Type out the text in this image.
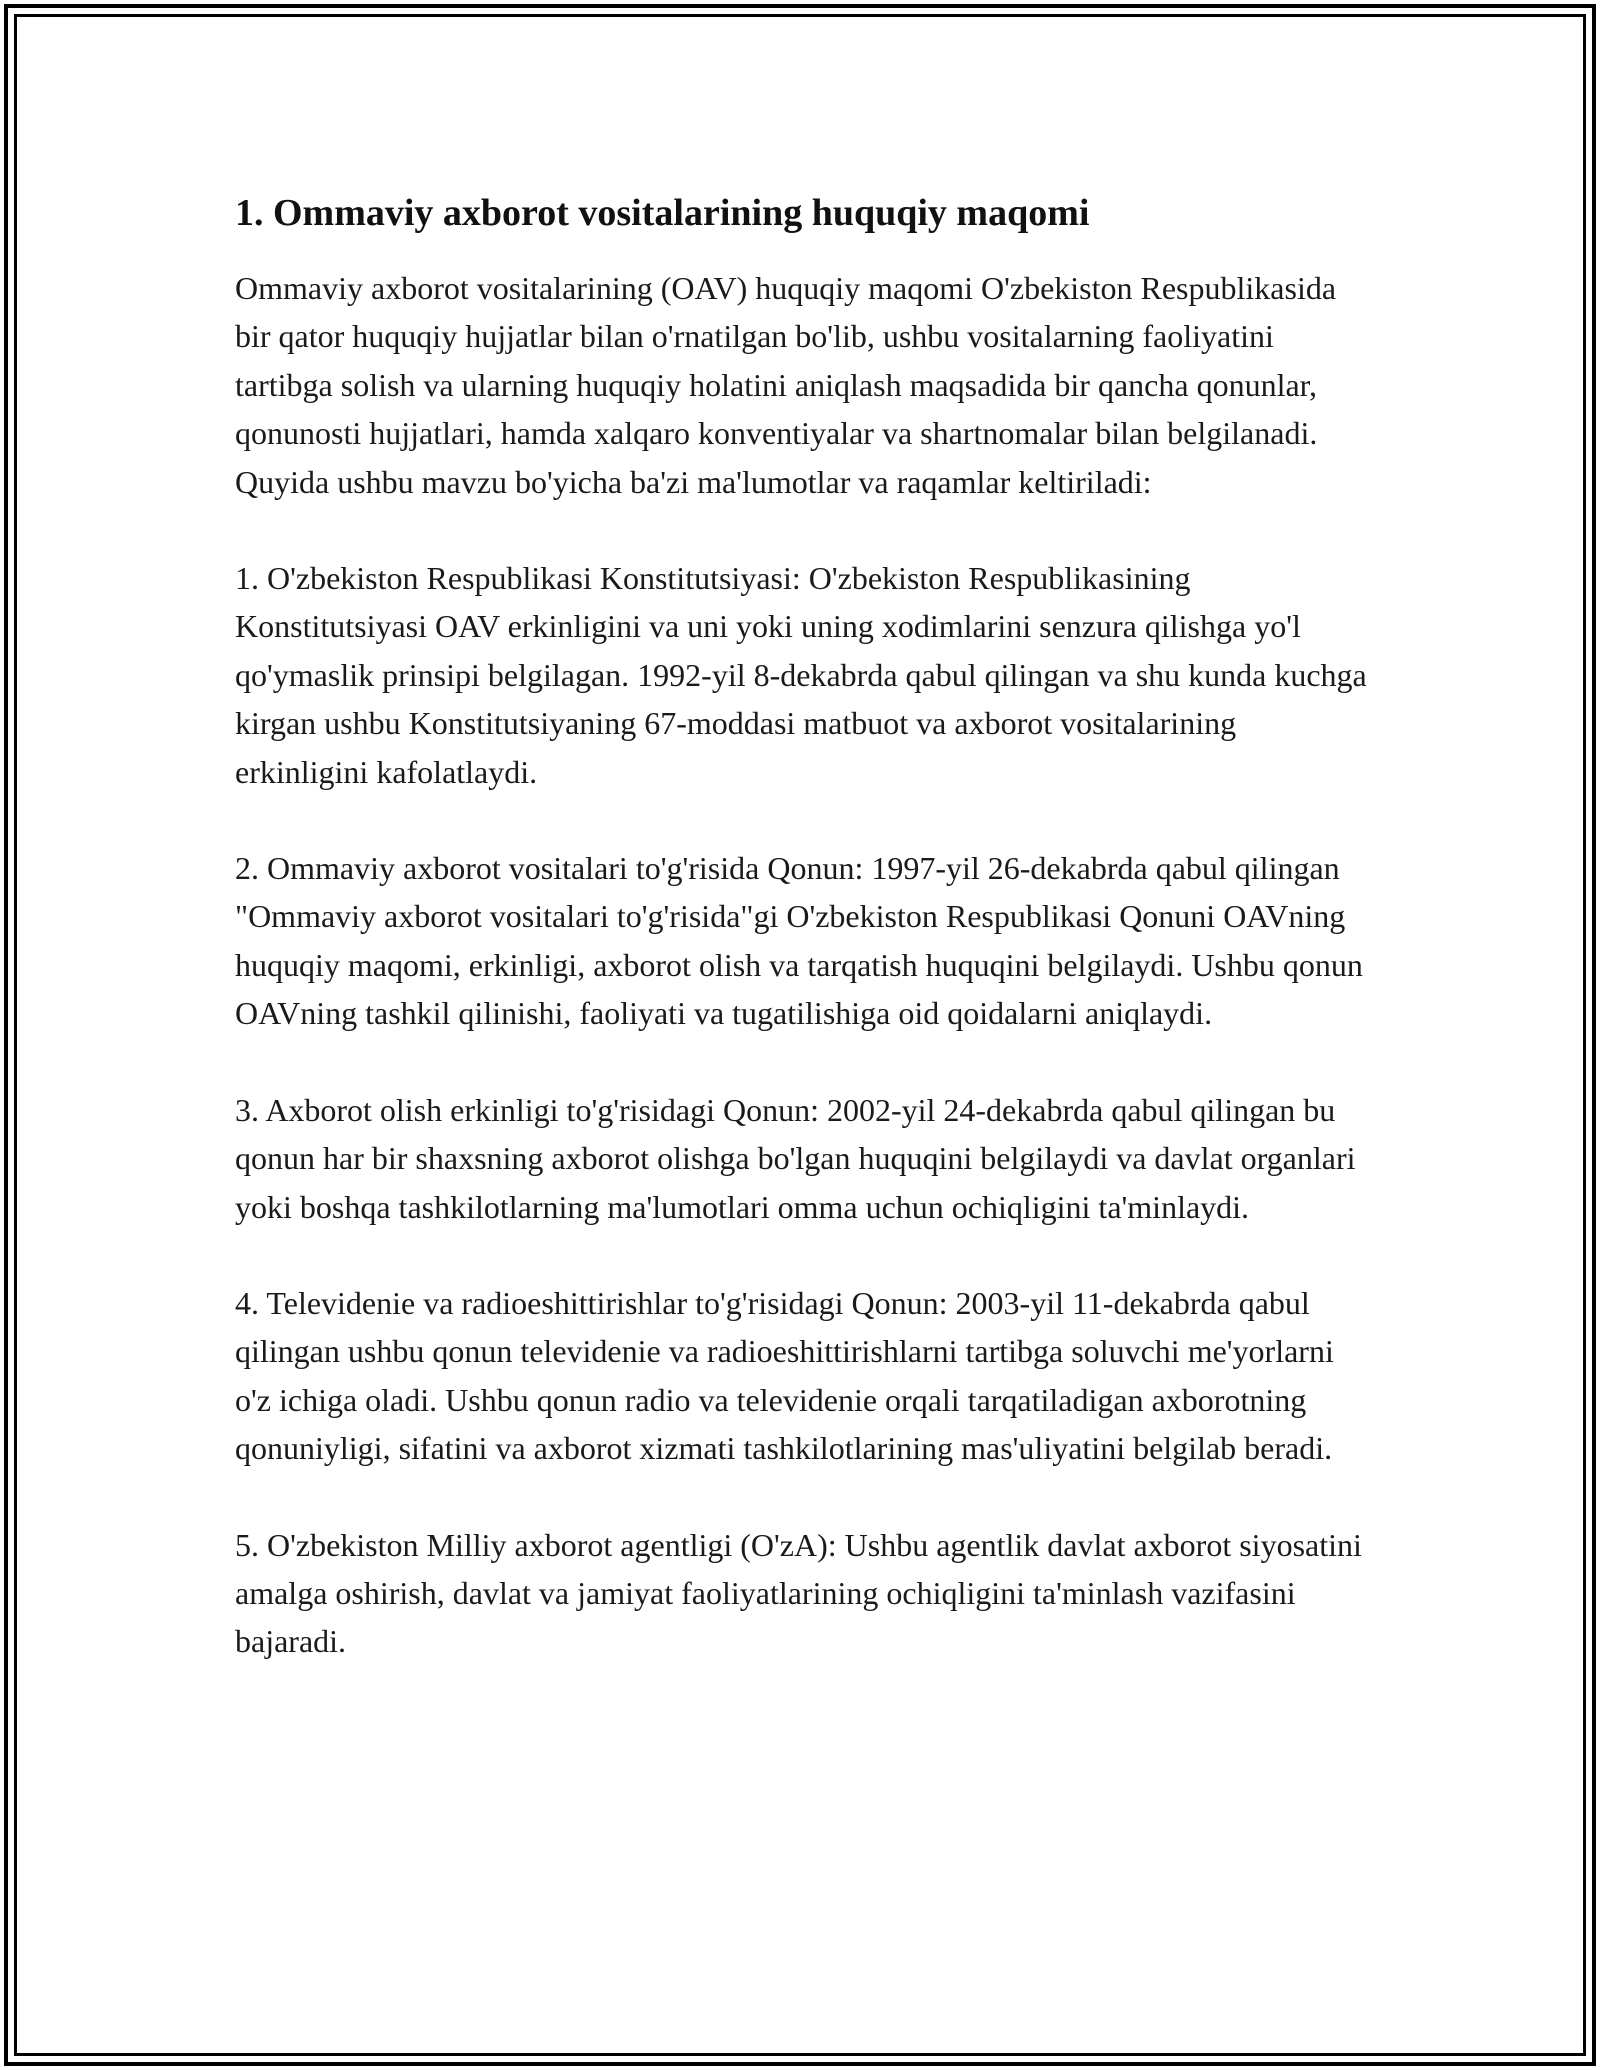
1. Ommaviy axborot vositalarining huquqiy maqomi

Ommaviy axborot vositalarining (OAV) huquqiy maqomi O'zbekiston Respublikasida bir qator huquqiy hujjatlar bilan o'rnatilgan bo'lib, ushbu vositalarning faoliyatini tartibga solish va ularning huquqiy holatini aniqlash maqsadida bir qancha qonunlar, qonunosti hujjatlari, hamda xalqaro konventiyalar va shartnomalar bilan belgilanadi. Quyida ushbu mavzu bo'yicha ba'zi ma'lumotlar va raqamlar keltiriladi:

1. O'zbekiston Respublikasi Konstitutsiyasi: O'zbekiston Respublikasining Konstitutsiyasi OAV erkinligini va uni yoki uning xodimlarini senzura qilishga yo'l qo'ymaslik prinsipi belgilagan. 1992-yil 8-dekabrda qabul qilingan va shu kunda kuchga kirgan ushbu Konstitutsiyaning 67-moddasi matbuot va axborot vositalarining erkinligini kafolatlaydi.

2. Ommaviy axborot vositalari to'g'risida Qonun: 1997-yil 26-dekabrda qabul qilingan "Ommaviy axborot vositalari to'g'risida"gi O'zbekiston Respublikasi Qonuni OAVning huquqiy maqomi, erkinligi, axborot olish va tarqatish huquqini belgilaydi. Ushbu qonun OAVning tashkil qilinishi, faoliyati va tugatilishiga oid qoidalarni aniqlaydi.

3. Axborot olish erkinligi to'g'risidagi Qonun: 2002-yil 24-dekabrda qabul qilingan bu qonun har bir shaxsning axborot olishga bo'lgan huquqini belgilaydi va davlat organlari yoki boshqa tashkilotlarning ma'lumotlari omma uchun ochiqligini ta'minlaydi.

4. Televidenie va radioeshittirishlar to'g'risidagi Qonun: 2003-yil 11-dekabrda qabul qilingan ushbu qonun televidenie va radioeshittirishlarni tartibga soluvchi me'yorlarni o'z ichiga oladi. Ushbu qonun radio va televidenie orqali tarqatiladigan axborotning qonuniyligi, sifatini va axborot xizmati tashkilotlarining mas'uliyatini belgilab beradi.

5. O'zbekiston Milliy axborot agentligi (O'zA): Ushbu agentlik davlat axborot siyosatini amalga oshirish, davlat va jamiyat faoliyatlarining ochiqligini ta'minlash vazifasini bajaradi.
